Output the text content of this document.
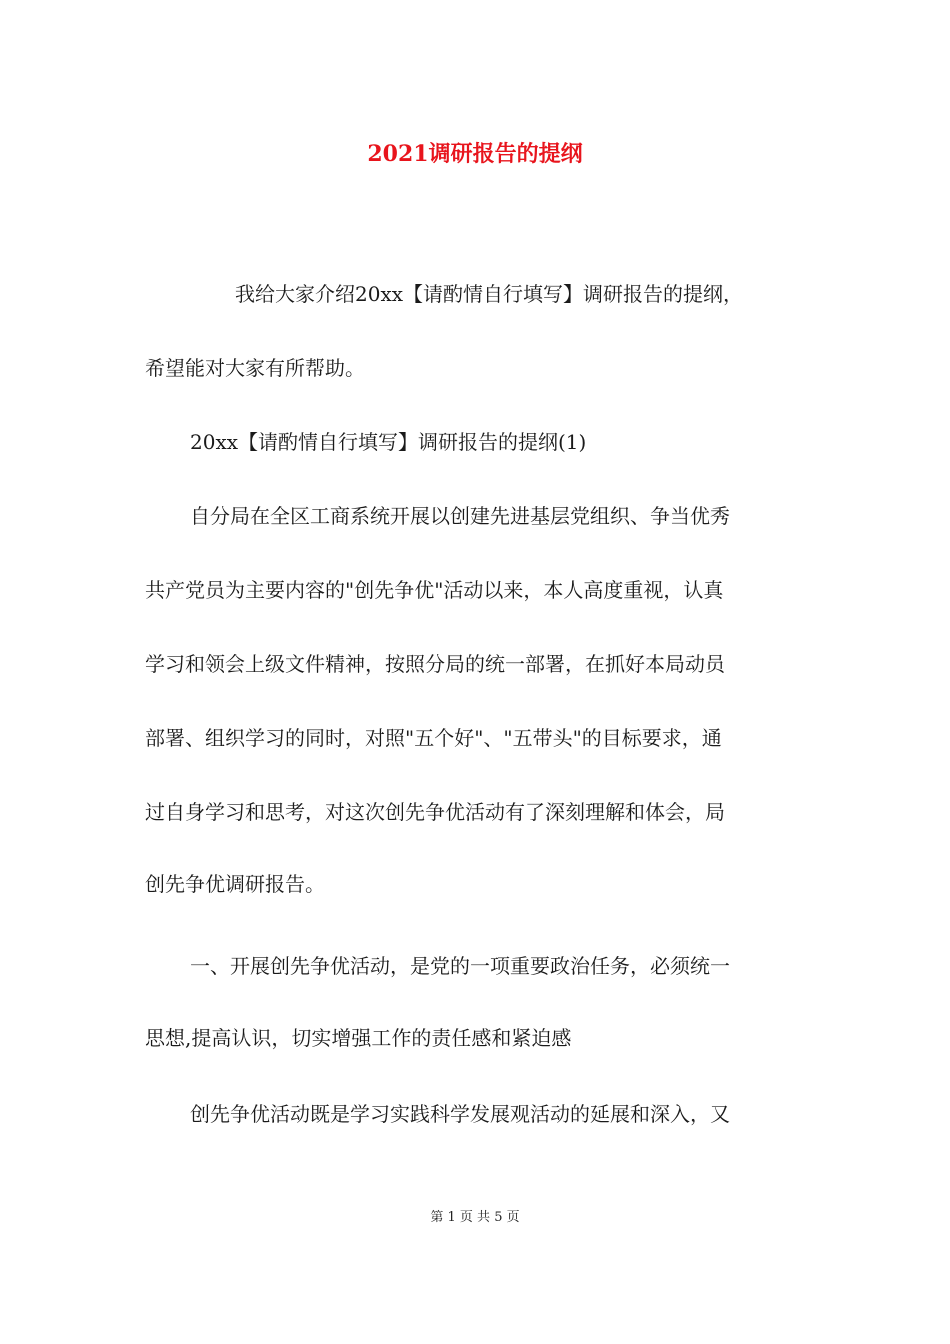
2021调研报告的提纲
我给大家介绍20xx【请酌情自行填写】调研报告的提纲，
希望能对大家有所帮助。
20xx【请酌情自行填写】调研报告的提纲(1)
自分局在全区工商系统开展以创建先进基层党组织、争当优秀
共产党员为主要内容的"创先争优"活动以来，本人高度重视，认真
学习和领会上级文件精神，按照分局的统一部署，在抓好本局动员
部署、组织学习的同时，对照"五个好"、"五带头"的目标要求，通
过自身学习和思考，对这次创先争优活动有了深刻理解和体会，局
创先争优调研报告。
一、开展创先争优活动，是党的一项重要政治任务，必须统一
思想,提高认识，切实增强工作的责任感和紧迫感
创先争优活动既是学习实践科学发展观活动的延展和深入，又
第 1 页 共 5 页
